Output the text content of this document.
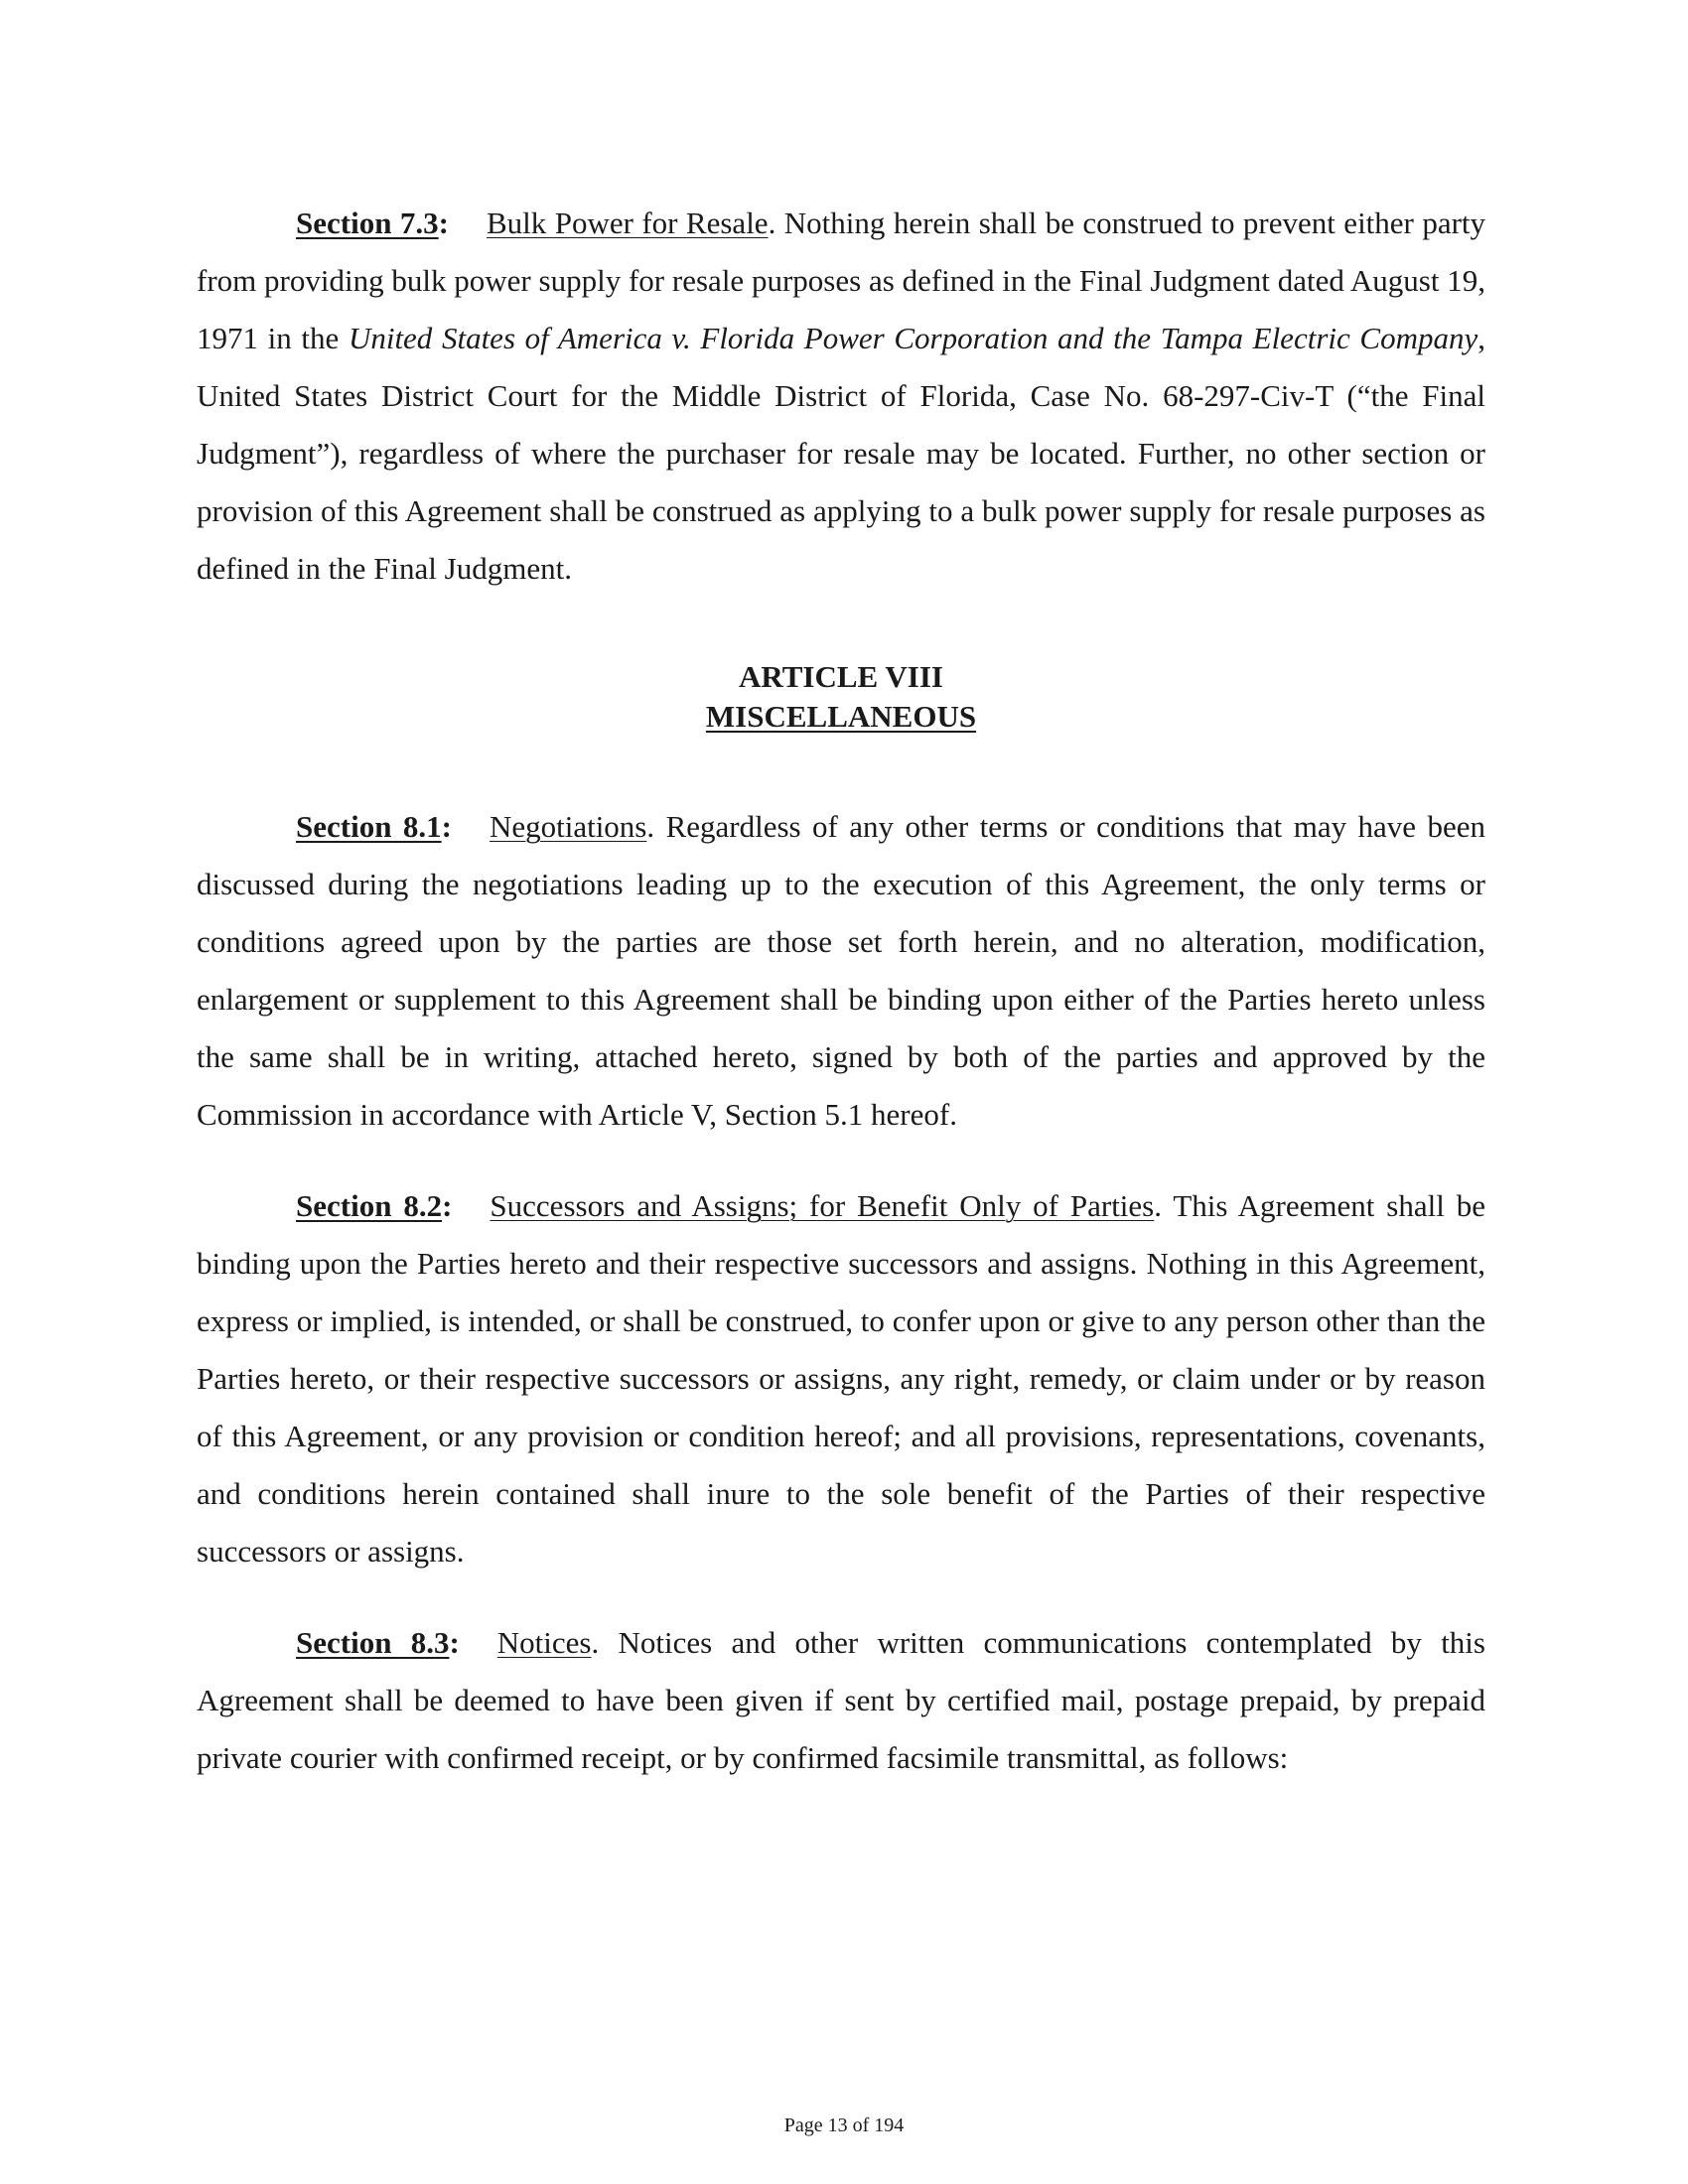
Section 7.3: Bulk Power for Resale. Nothing herein shall be construed to prevent either party from providing bulk power supply for resale purposes as defined in the Final Judgment dated August 19, 1971 in the United States of America v. Florida Power Corporation and the Tampa Electric Company, United States District Court for the Middle District of Florida, Case No. 68-297-Civ-T (“the Final Judgment”), regardless of where the purchaser for resale may be located. Further, no other section or provision of this Agreement shall be construed as applying to a bulk power supply for resale purposes as defined in the Final Judgment.

ARTICLE VIII
MISCELLANEOUS

Section 8.1: Negotiations. Regardless of any other terms or conditions that may have been discussed during the negotiations leading up to the execution of this Agreement, the only terms or conditions agreed upon by the parties are those set forth herein, and no alteration, modification, enlargement or supplement to this Agreement shall be binding upon either of the Parties hereto unless the same shall be in writing, attached hereto, signed by both of the parties and approved by the Commission in accordance with Article V, Section 5.1 hereof.

Section 8.2: Successors and Assigns; for Benefit Only of Parties. This Agreement shall be binding upon the Parties hereto and their respective successors and assigns. Nothing in this Agreement, express or implied, is intended, or shall be construed, to confer upon or give to any person other than the Parties hereto, or their respective successors or assigns, any right, remedy, or claim under or by reason of this Agreement, or any provision or condition hereof; and all provisions, representations, covenants, and conditions herein contained shall inure to the sole benefit of the Parties of their respective successors or assigns.

Section 8.3: Notices. Notices and other written communications contemplated by this Agreement shall be deemed to have been given if sent by certified mail, postage prepaid, by prepaid private courier with confirmed receipt, or by confirmed facsimile transmittal, as follows:

Page 13 of 194
